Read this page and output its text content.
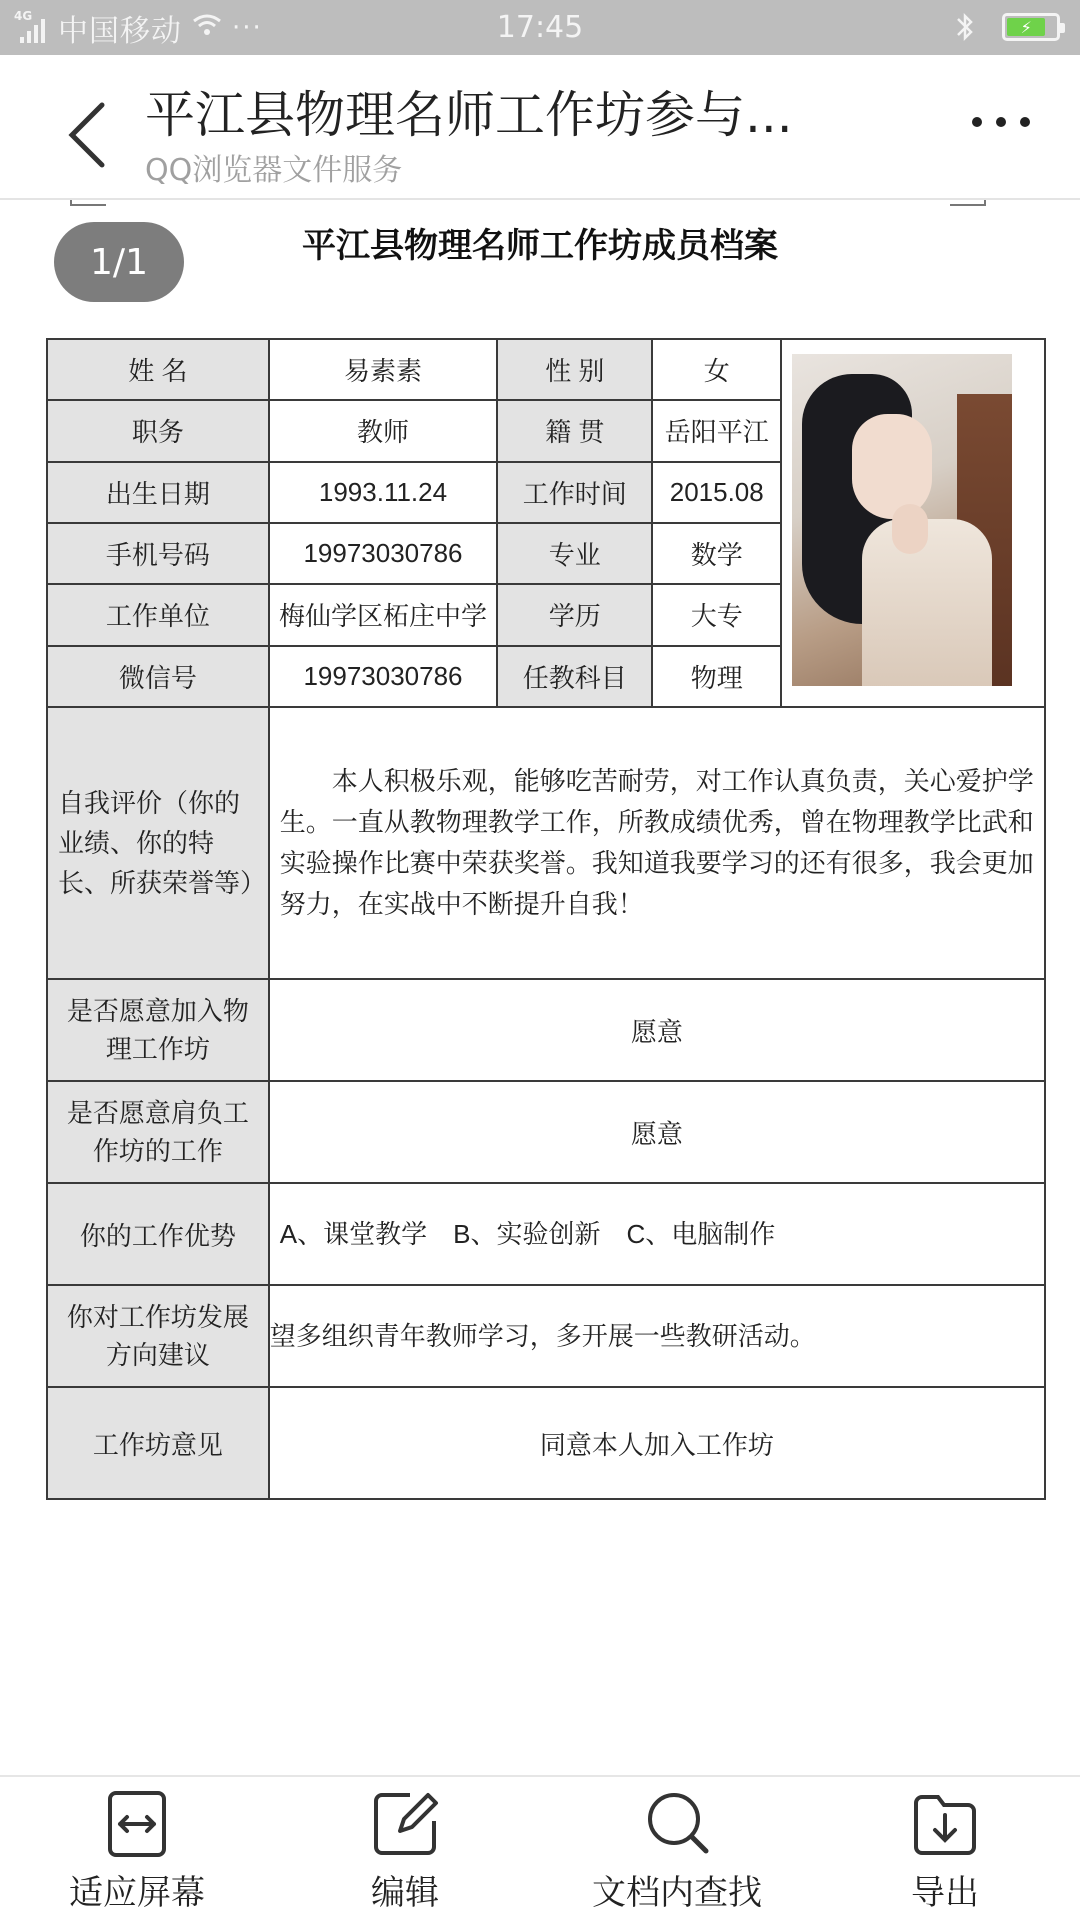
4G 中国移动 ···	17:45	⚡
平江县物理名师工作坊参与...
QQ浏览器文件服务
1/1	平江县物理名师工作坊成员档案
姓 名	易素素	性 别	女	

职务	教师	籍 贯	岳阳平江	
出生日期	1993.11.24	工作时间	2015.08	
手机号码	19973030786	专业	数学	
工作单位	梅仙学区柘庄中学	学历	大专	
微信号	19973030786	任教科目	物理	
自我评价（你的业绩、你的特长、所获荣誉等）	本人积极乐观，能够吃苦耐劳，对工作认真负责，关心爱护学生。一直从教物理教学工作，所教成绩优秀，曾在物理教学比武和实验操作比赛中荣获奖誉。我知道我要学习的还有很多，我会更加努力，在实战中不断提升自我！			
是否愿意加入物理工作坊	愿意			
是否愿意肩负工作坊的工作	愿意			
你的工作优势	A、课堂教学　B、实验创新　C、电脑制作			
你对工作坊发展方向建议	望多组织青年教师学习，多开展一些教研活动。			
工作坊意见	同意本人加入工作坊			
适应屏幕	编辑	文档内查找	导出
